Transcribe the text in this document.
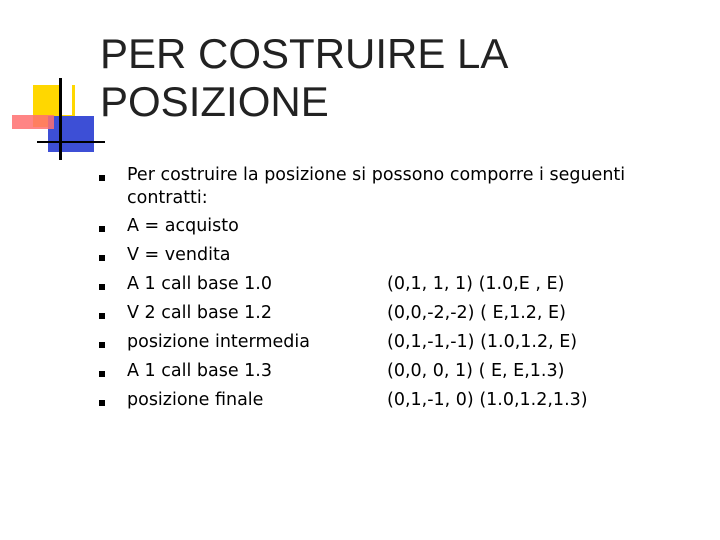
PER COSTRUIRE LA POSIZIONE
Per costruire la posizione si possono comporre i seguenti contratti:
A = acquisto
V = vendita
A 1 call base 1.0	(0,1, 1, 1) (1.0,E , E)
V 2 call base 1.2	(0,0,-2,-2) ( E,1.2, E)
posizione intermedia	(0,1,-1,-1) (1.0,1.2, E)
A 1 call base 1.3	(0,0, 0, 1) ( E, E,1.3)
posizione finale	(0,1,-1, 0) (1.0,1.2,1.3)
